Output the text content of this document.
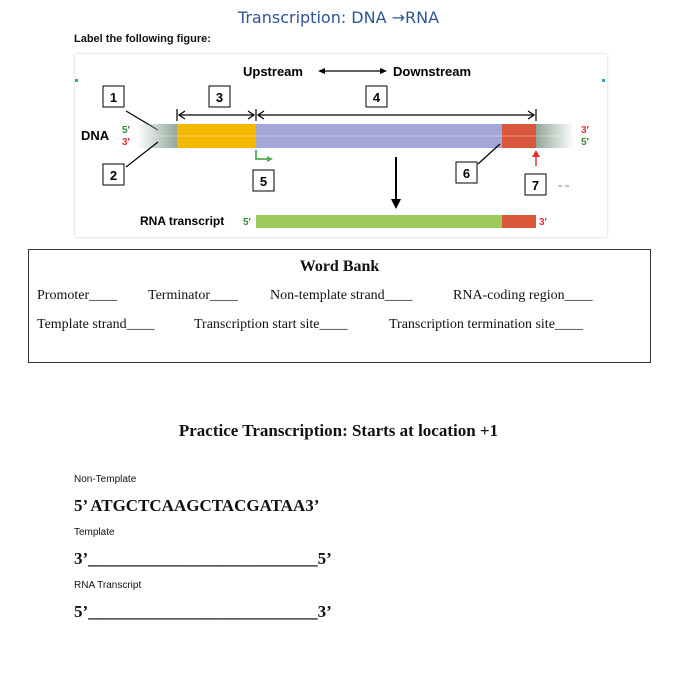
Transcription: DNA →RNA
Label the following figure:
Upstream	Downstream
1	3	4
DNA 5′
3′
3′
5′
2	5
6
7
RNA transcript 5′	3′
Word Bank
Promoter____ Terminator____ Non-template strand____	RNA-coding region____
Template strand____	Transcription start site____	Transcription termination site____
Practice Transcription: Starts at location +1
Non-Template
5’ ATGCTCAAGCTACGATAA3’
Template
3’___________________________5’
RNA Transcript
5’___________________________3’
